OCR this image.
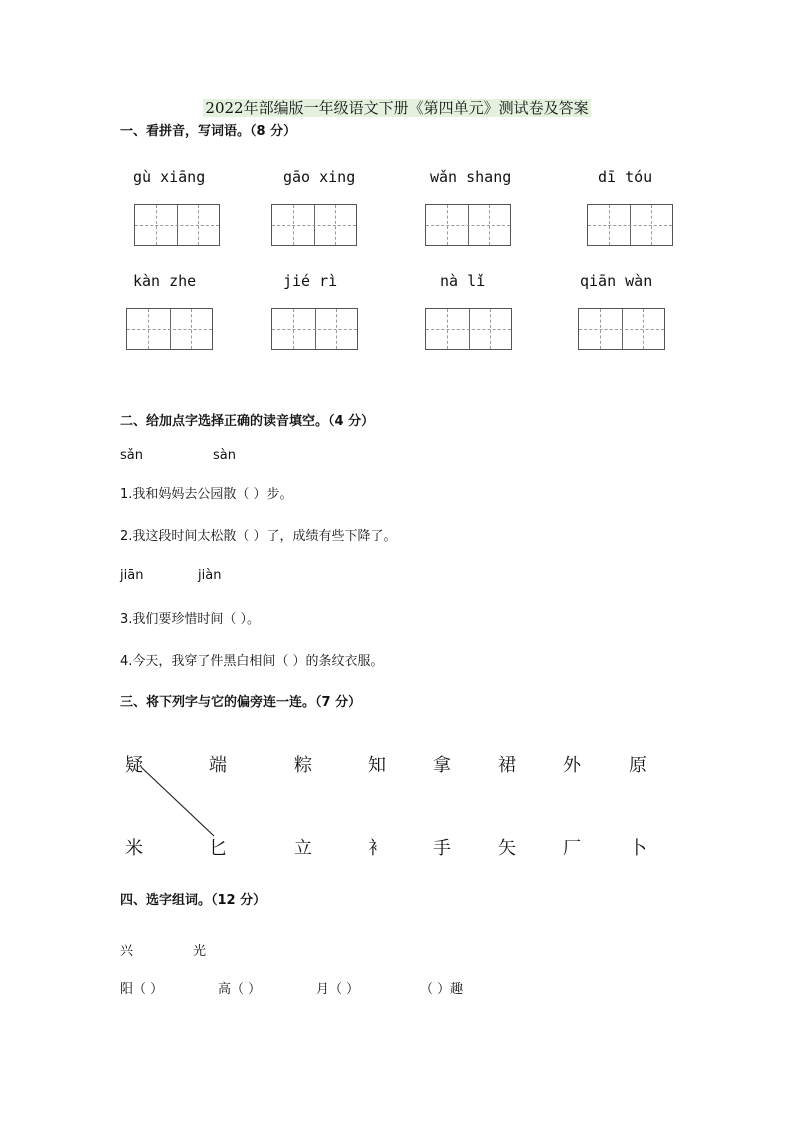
2022年部编版一年级语文下册《第四单元》测试卷及答案
一、看拼音，写词语。（8 分）
gù xiāng	gāo xing	wǎn shang	dī tóu
kàn zhe	jié rì	nà lǐ	qiān wàn
二、给加点字选择正确的读音填空。（4 分）
sǎn	sàn
1.我和妈妈去公园散（ ）步。
2.我这段时间太松散（ ）了，成绩有些下降了。
jiān	jiàn
3.我们要珍惜时间（ ）。
4.今天，我穿了件黑白相间（ ）的条纹衣服。
三、将下列字与它的偏旁连一连。（7 分）
疑	端	粽	知	拿	裙	外	原
米	匕	立	衤	手	矢	厂	卜
四、选字组词。（12 分）
兴	光
阳（ ）	高（ ）	月（ ）	（ ）趣
